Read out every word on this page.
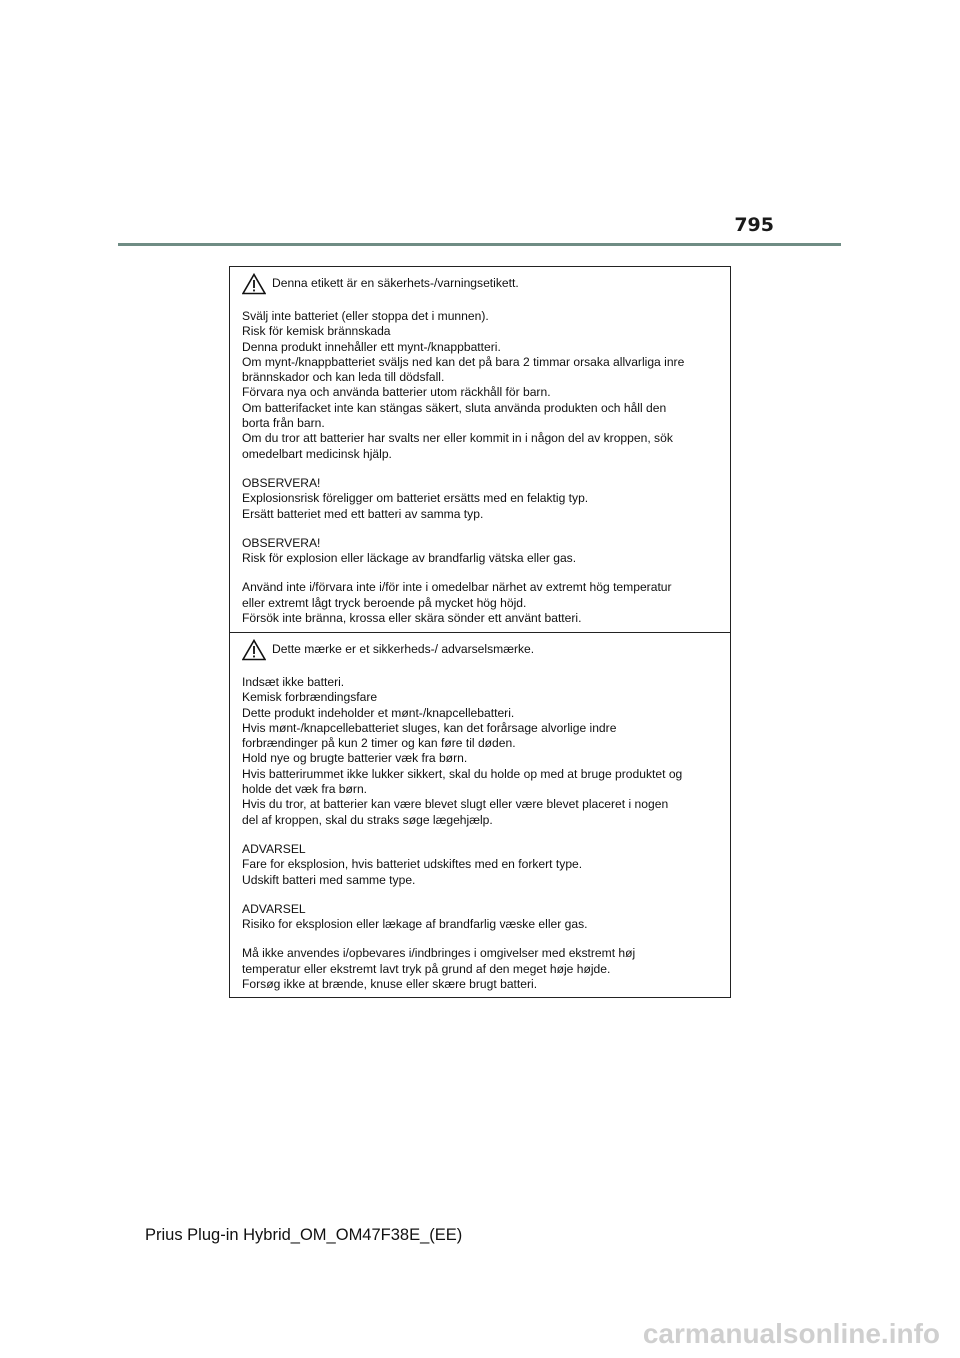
795
Denna etikett är en säkerhets-/varningsetikett.
Svälj inte batteriet (eller stoppa det i munnen).
Risk för kemisk brännskada
Denna produkt innehåller ett mynt-/knappbatteri.
Om mynt-/knappbatteriet sväljs ned kan det på bara 2 timmar orsaka allvarliga inre
brännskador och kan leda till dödsfall.
Förvara nya och använda batterier utom räckhåll för barn.
Om batterifacket inte kan stängas säkert, sluta använda produkten och håll den
borta från barn.
Om du tror att batterier har svalts ner eller kommit in i någon del av kroppen, sök
omedelbart medicinsk hjälp.
OBSERVERA!
Explosionsrisk föreligger om batteriet ersätts med en felaktig typ.
Ersätt batteriet med ett batteri av samma typ.
OBSERVERA!
Risk för explosion eller läckage av brandfarlig vätska eller gas.
Använd inte i/förvara inte i/för inte i omedelbar närhet av extremt hög temperatur
eller extremt lågt tryck beroende på mycket hög höjd.
Försök inte bränna, krossa eller skära sönder ett använt batteri.
Dette mærke er et sikkerheds-/ advarselsmærke.
Indsæt ikke batteri.
Kemisk forbrændingsfare
Dette produkt indeholder et mønt-/knapcellebatteri.
Hvis mønt-/knapcellebatteriet sluges, kan det forårsage alvorlige indre
forbrændinger på kun 2 timer og kan føre til døden.
Hold nye og brugte batterier væk fra børn.
Hvis batterirummet ikke lukker sikkert, skal du holde op med at bruge produktet og
holde det væk fra børn.
Hvis du tror, at batterier kan være blevet slugt eller være blevet placeret i nogen
del af kroppen, skal du straks søge lægehjælp.
ADVARSEL
Fare for eksplosion, hvis batteriet udskiftes med en forkert type.
Udskift batteri med samme type.
ADVARSEL
Risiko for eksplosion eller lækage af brandfarlig væske eller gas.
Må ikke anvendes i/opbevares i/indbringes i omgivelser med ekstremt høj
temperatur eller ekstremt lavt tryk på grund af den meget høje højde.
Forsøg ikke at brænde, knuse eller skære brugt batteri.
Prius Plug-in Hybrid_OM_OM47F38E_(EE)
carmanualsonline.info
